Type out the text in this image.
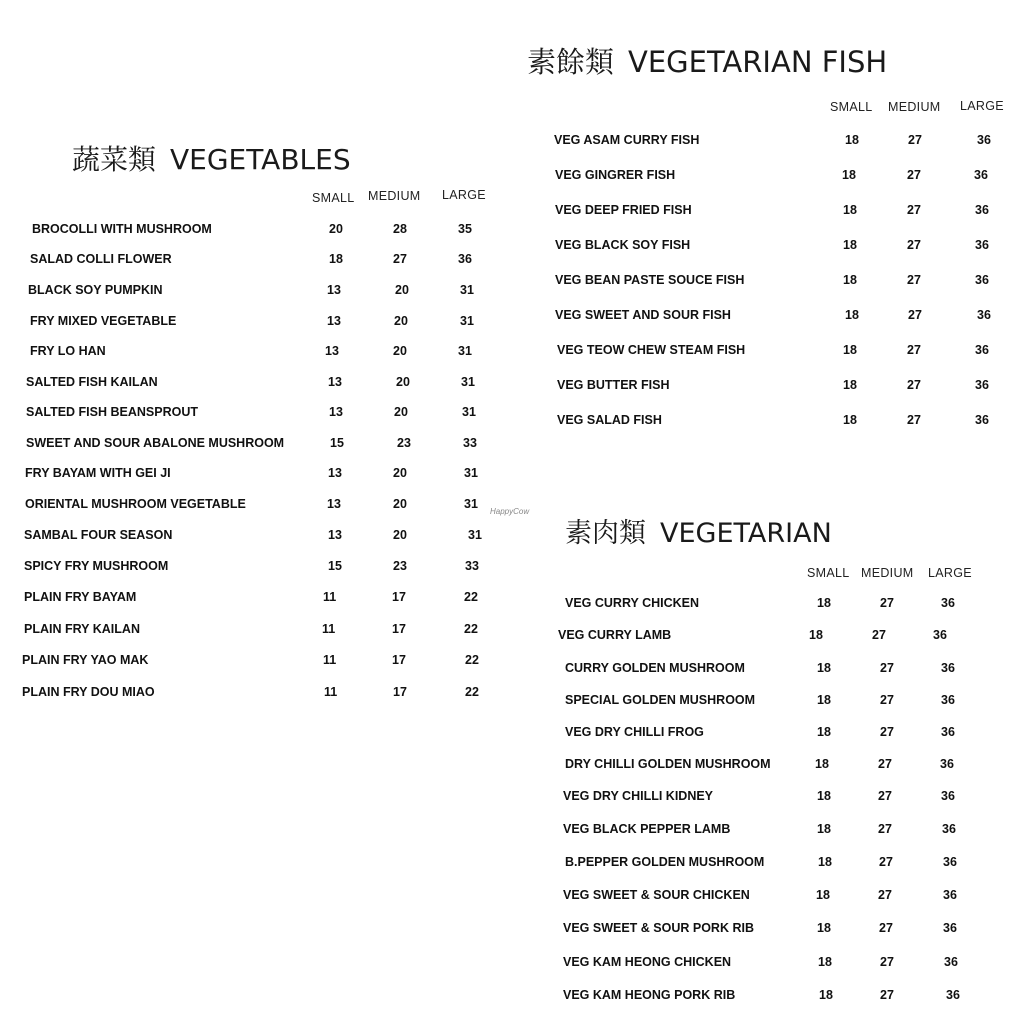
蔬菜類 VEGETABLES
SMALL MEDIUM LARGE
BROCOLLI WITH MUSHROOM	20	28	35
SALAD COLLI FLOWER	18	27	36
BLACK SOY PUMPKIN	13	20	31
FRY MIXED VEGETABLE	13	20	31
FRY LO HAN	13	20	31
SALTED FISH KAILAN	13	20	31
SALTED FISH BEANSPROUT	13	20	31
SWEET AND SOUR ABALONE MUSHROOM	15	23	33
FRY BAYAM WITH GEI JI	13	20	31
ORIENTAL MUSHROOM VEGETABLE	13	20	31
SAMBAL FOUR SEASON	13	20	31
SPICY FRY MUSHROOM	15	23	33
PLAIN FRY BAYAM	11	17	22
PLAIN FRY KAILAN	11	17	22
PLAIN FRY YAO MAK	11	17	22
PLAIN FRY DOU MIAO	11	17	22
素餘類 VEGETARIAN FISH
SMALL MEDIUM LARGE
VEG ASAM CURRY FISH	18	27	36
VEG GINGRER FISH	18	27	36
VEG DEEP FRIED FISH	18	27	36
VEG BLACK SOY FISH	18	27	36
VEG BEAN PASTE SOUCE FISH	18	27	36
VEG SWEET AND SOUR FISH	18	27	36
VEG TEOW CHEW STEAM FISH	18	27	36
VEG BUTTER FISH	18	27	36
VEG SALAD FISH	18	27	36
HappyCow
素肉類 VEGETARIAN
SMALL MEDIUM LARGE
VEG CURRY CHICKEN	18	27	36
VEG CURRY LAMB	18	27	36
CURRY GOLDEN MUSHROOM	18	27	36
SPECIAL GOLDEN MUSHROOM	18	27	36
VEG DRY CHILLI FROG	18	27	36
DRY CHILLI GOLDEN MUSHROOM	18	27	36
VEG DRY CHILLI KIDNEY	18	27	36
VEG BLACK PEPPER LAMB	18	27	36
B.PEPPER GOLDEN MUSHROOM	18	27	36
VEG SWEET & SOUR CHICKEN	18	27	36
VEG SWEET & SOUR PORK RIB	18	27	36
VEG KAM HEONG CHICKEN	18	27	36
VEG KAM HEONG PORK RIB	18	27	36
